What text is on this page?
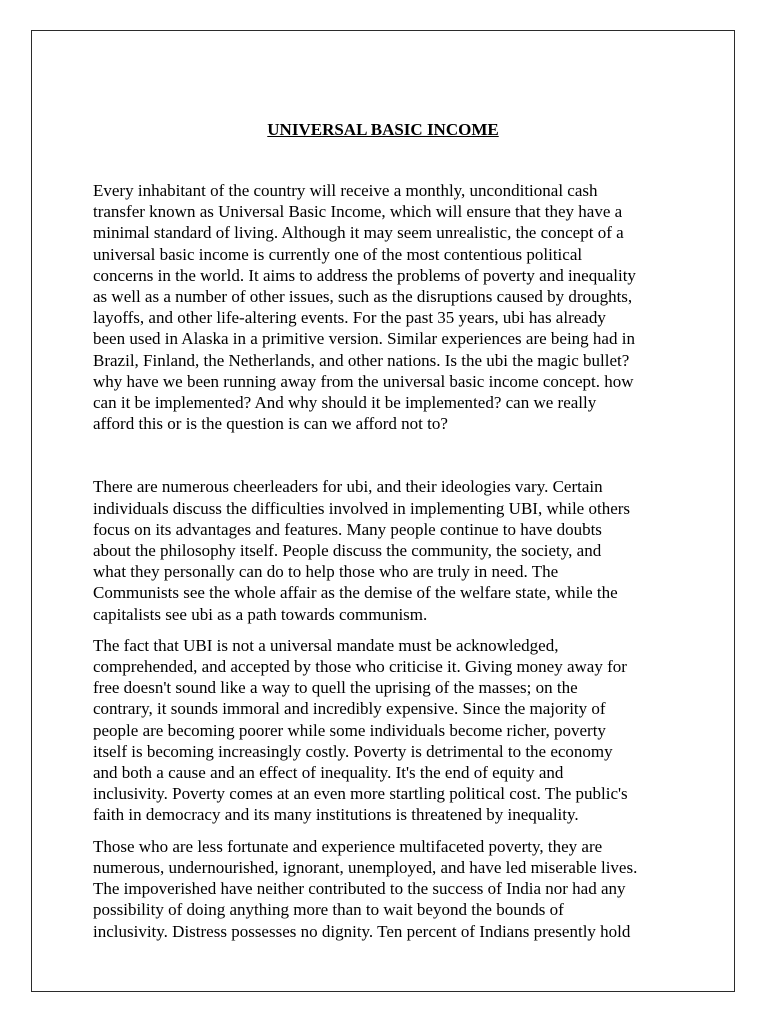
UNIVERSAL BASIC INCOME

Every inhabitant of the country will receive a monthly, unconditional cash
transfer known as Universal Basic Income, which will ensure that they have a
minimal standard of living. Although it may seem unrealistic, the concept of a
universal basic income is currently one of the most contentious political
concerns in the world. It aims to address the problems of poverty and inequality
as well as a number of other issues, such as the disruptions caused by droughts,
layoffs, and other life-altering events. For the past 35 years, ubi has already
been used in Alaska in a primitive version. Similar experiences are being had in
Brazil, Finland, the Netherlands, and other nations. Is the ubi the magic bullet?
why have we been running away from the universal basic income concept. how
can it be implemented? And why should it be implemented? can we really
afford this or is the question is can we afford not to?

There are numerous cheerleaders for ubi, and their ideologies vary. Certain
individuals discuss the difficulties involved in implementing UBI, while others
focus on its advantages and features. Many people continue to have doubts
about the philosophy itself. People discuss the community, the society, and
what they personally can do to help those who are truly in need. The
Communists see the whole affair as the demise of the welfare state, while the
capitalists see ubi as a path towards communism.

The fact that UBI is not a universal mandate must be acknowledged,
comprehended, and accepted by those who criticise it. Giving money away for
free doesn't sound like a way to quell the uprising of the masses; on the
contrary, it sounds immoral and incredibly expensive. Since the majority of
people are becoming poorer while some individuals become richer, poverty
itself is becoming increasingly costly. Poverty is detrimental to the economy
and both a cause and an effect of inequality. It's the end of equity and
inclusivity. Poverty comes at an even more startling political cost. The public's
faith in democracy and its many institutions is threatened by inequality.

Those who are less fortunate and experience multifaceted poverty, they are
numerous, undernourished, ignorant, unemployed, and have led miserable lives.
The impoverished have neither contributed to the success of India nor had any
possibility of doing anything more than to wait beyond the bounds of
inclusivity. Distress possesses no dignity. Ten percent of Indians presently hold
